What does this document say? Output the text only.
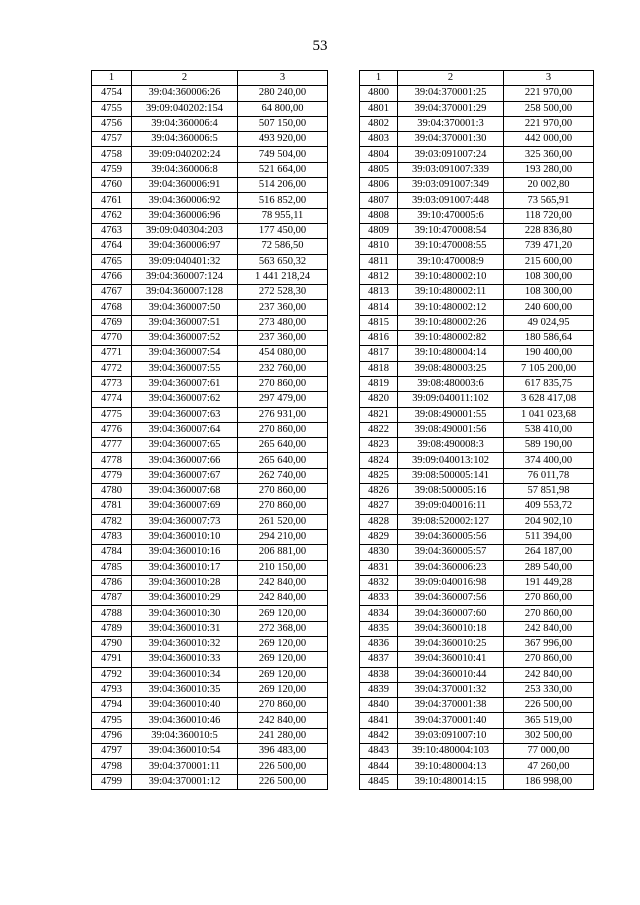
53
1	2	3
4754	39:04:360006:26	280 240,00
4755	39:09:040202:154	64 800,00
4756	39:04:360006:4	507 150,00
4757	39:04:360006:5	493 920,00
4758	39:09:040202:24	749 504,00
4759	39:04:360006:8	521 664,00
4760	39:04:360006:91	514 206,00
4761	39:04:360006:92	516 852,00
4762	39:04:360006:96	78 955,11
4763	39:09:040304:203	177 450,00
4764	39:04:360006:97	72 586,50
4765	39:09:040401:32	563 650,32
4766	39:04:360007:124	1 441 218,24
4767	39:04:360007:128	272 528,30
4768	39:04:360007:50	237 360,00
4769	39:04:360007:51	273 480,00
4770	39:04:360007:52	237 360,00
4771	39:04:360007:54	454 080,00
4772	39:04:360007:55	232 760,00
4773	39:04:360007:61	270 860,00
4774	39:04:360007:62	297 479,00
4775	39:04:360007:63	276 931,00
4776	39:04:360007:64	270 860,00
4777	39:04:360007:65	265 640,00
4778	39:04:360007:66	265 640,00
4779	39:04:360007:67	262 740,00
4780	39:04:360007:68	270 860,00
4781	39:04:360007:69	270 860,00
4782	39:04:360007:73	261 520,00
4783	39:04:360010:10	294 210,00
4784	39:04:360010:16	206 881,00
4785	39:04:360010:17	210 150,00
4786	39:04:360010:28	242 840,00
4787	39:04:360010:29	242 840,00
4788	39:04:360010:30	269 120,00
4789	39:04:360010:31	272 368,00
4790	39:04:360010:32	269 120,00
4791	39:04:360010:33	269 120,00
4792	39:04:360010:34	269 120,00
4793	39:04:360010:35	269 120,00
4794	39:04:360010:40	270 860,00
4795	39:04:360010:46	242 840,00
4796	39:04:360010:5	241 280,00
4797	39:04:360010:54	396 483,00
4798	39:04:370001:11	226 500,00
4799	39:04:370001:12	226 500,00
1	2	3
4800	39:04:370001:25	221 970,00
4801	39:04:370001:29	258 500,00
4802	39:04:370001:3	221 970,00
4803	39:04:370001:30	442 000,00
4804	39:03:091007:24	325 360,00
4805	39:03:091007:339	193 280,00
4806	39:03:091007:349	20 002,80
4807	39:03:091007:448	73 565,91
4808	39:10:470005:6	118 720,00
4809	39:10:470008:54	228 836,80
4810	39:10:470008:55	739 471,20
4811	39:10:470008:9	215 600,00
4812	39:10:480002:10	108 300,00
4813	39:10:480002:11	108 300,00
4814	39:10:480002:12	240 600,00
4815	39:10:480002:26	49 024,95
4816	39:10:480002:82	180 586,64
4817	39:10:480004:14	190 400,00
4818	39:08:480003:25	7 105 200,00
4819	39:08:480003:6	617 835,75
4820	39:09:040011:102	3 628 417,08
4821	39:08:490001:55	1 041 023,68
4822	39:08:490001:56	538 410,00
4823	39:08:490008:3	589 190,00
4824	39:09:040013:102	374 400,00
4825	39:08:500005:141	76 011,78
4826	39:08:500005:16	57 851,98
4827	39:09:040016:11	409 553,72
4828	39:08:520002:127	204 902,10
4829	39:04:360005:56	511 394,00
4830	39:04:360005:57	264 187,00
4831	39:04:360006:23	289 540,00
4832	39:09:040016:98	191 449,28
4833	39:04:360007:56	270 860,00
4834	39:04:360007:60	270 860,00
4835	39:04:360010:18	242 840,00
4836	39:04:360010:25	367 996,00
4837	39:04:360010:41	270 860,00
4838	39:04:360010:44	242 840,00
4839	39:04:370001:32	253 330,00
4840	39:04:370001:38	226 500,00
4841	39:04:370001:40	365 519,00
4842	39:03:091007:10	302 500,00
4843	39:10:480004:103	77 000,00
4844	39:10:480004:13	47 260,00
4845	39:10:480014:15	186 998,00
